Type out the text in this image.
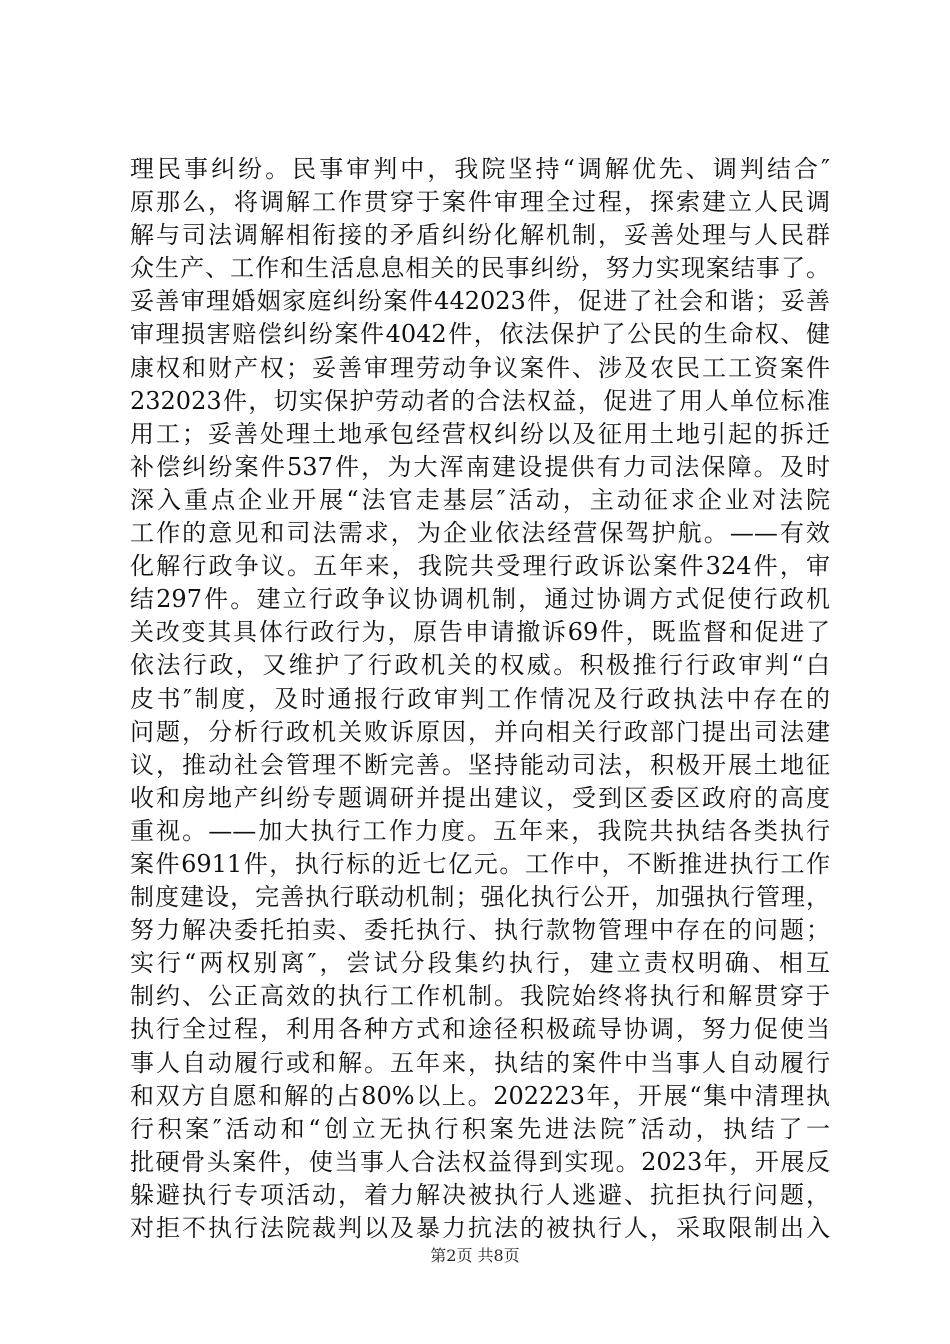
理民事纠纷。民事审判中，我院坚持“调解优先、调判结合″
原那么，将调解工作贯穿于案件审理全过程，探索建立人民调
解与司法调解相衔接的矛盾纠纷化解机制，妥善处理与人民群
众生产、工作和生活息息相关的民事纠纷，努力实现案结事了。
妥善审理婚姻家庭纠纷案件442023件，促进了社会和谐；妥善
审理损害赔偿纠纷案件4042件，依法保护了公民的生命权、健
康权和财产权；妥善审理劳动争议案件、涉及农民工工资案件
232023件，切实保护劳动者的合法权益，促进了用人单位标准
用工；妥善处理土地承包经营权纠纷以及征用土地引起的拆迁
补偿纠纷案件537件，为大浑南建设提供有力司法保障。及时
深入重点企业开展“法官走基层″活动，主动征求企业对法院
工作的意见和司法需求，为企业依法经营保驾护航。——有效
化解行政争议。五年来，我院共受理行政诉讼案件324件，审
结297件。建立行政争议协调机制，通过协调方式促使行政机
关改变其具体行政行为，原告申请撤诉69件，既监督和促进了
依法行政，又维护了行政机关的权威。积极推行行政审判“白
皮书″制度，及时通报行政审判工作情况及行政执法中存在的
问题，分析行政机关败诉原因，并向相关行政部门提出司法建
议，推动社会管理不断完善。坚持能动司法，积极开展土地征
收和房地产纠纷专题调研并提出建议，受到区委区政府的高度
重视。——加大执行工作力度。五年来，我院共执结各类执行
案件6911件，执行标的近七亿元。工作中，不断推进执行工作
制度建设，完善执行联动机制；强化执行公开，加强执行管理，
努力解决委托拍卖、委托执行、执行款物管理中存在的问题；
实行“两权别离″，尝试分段集约执行，建立责权明确、相互
制约、公正高效的执行工作机制。我院始终将执行和解贯穿于
执行全过程，利用各种方式和途径积极疏导协调，努力促使当
事人自动履行或和解。五年来，执结的案件中当事人自动履行
和双方自愿和解的占80%以上。202223年，开展“集中清理执
行积案″活动和“创立无执行积案先进法院″活动，执结了一
批硬骨头案件，使当事人合法权益得到实现。2023年，开展反
躲避执行专项活动，着力解决被执行人逃避、抗拒执行问题，
对拒不执行法院裁判以及暴力抗法的被执行人，采取限制出入
第2页 共8页
